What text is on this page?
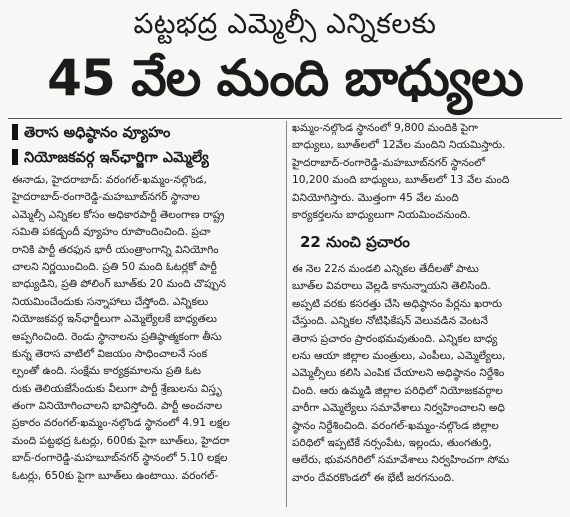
పట్టభద్ర ఎమ్మెల్సీ ఎన్నికలకు
45 వేల మంది బాధ్యులు
తెరాస అధిష్ఠానం వ్యూహం
నియోజకవర్గ ఇన్‌ఛార్జిగా ఎమ్మెల్యే
ఈనాడు, హైదరాబాద్‌: వరంగల్‌-ఖమ్మం-నల్గొండ,
హైదరాబాద్‌-రంగారెడ్డి-మహబూబ్‌నగర్‌ స్థానాల
ఎమ్మెల్సీ ఎన్నికల కోసం అధికారపార్టీ తెలంగాణ రాష్ట్ర
సమితి పకడ్బందీ వ్యూహం రూపొందించింది. ప్రచా
రానికి పార్టీ తరఫున భారీ యంత్రాంగాన్ని వినియోగిం
చాలని నిర్ణయించింది. ప్రతి 50 మంది ఓటర్లకో పార్టీ
బాధ్యుడిని, ప్రతి పోలింగ్‌ బూత్‌కు 20 మంది చొప్పున
నియమించేందుకు సన్నాహాలు చేస్తోంది. ఎన్నికలు
నియోజకవర్గ ఇన్‌ఛార్జీలుగా ఎమ్మెల్యేలకే బాధ్యతలు
అప్పగించింది. రెండు స్థానాలను ప్రతిష్ఠాత్మకంగా తీసు
కున్న తెరాస వాటిలో విజయం సాధించాలనే సంక
ల్పంతో ఉంది. సంక్షేమ కార్యక్రమాలను ప్రతి ఓట
రుకు తెలియజేసేందుకు వీలుగా పార్టీ శ్రేణులను విస్తృ
తంగా వినియోగించాలని భావిస్తోంది. పార్టీ అంచనాల
ప్రకారం వరంగల్‌-ఖమ్మం-నల్గొండ స్థానంలో 4.91 లక్షల
మంది పట్టభద్ర ఓటర్లు, 600కు పైగా బూత్‌లు, హైదరా
బాద్‌-రంగారెడ్డి-మహబూబ్‌నగర్‌ స్థానంలో 5.10 లక్షల
ఓటర్లు, 650కు పైగా బూత్‌లు ఉంటాయి. వరంగల్‌-
ఖమ్మం-నల్గొండ స్థానంలో 9,800 మందికి పైగా
బాధ్యులు, బూత్‌లలో 12వేల మందిని నియమిస్తారు.
హైదరాబాద్‌-రంగారెడ్డి-మహబూబ్‌నగర్‌ స్థానంలో
10,200 మంది బాధ్యులు, బూత్‌లలో 13 వేల మంది
వినియోగిస్తారు. మొత్తంగా 45 వేల మంది
కార్యకర్తలను బాధ్యులుగా నియమించనుంది.
22 నుంచి ప్రచారం
ఈ నెల 22న మండలి ఎన్నికల తేదీలతో పాటు
బూత్‌ల వివరాలు వెల్లడి కానున్నాయని తెలిసింది.
అప్పటి వరకు కసరత్తు చేసి అధిష్ఠానం పేర్లను ఖరారు
చేస్తుంది. ఎన్నికల నోటిఫికేషన్‌ వెలువడిన వెంటనే
తెరాస ప్రచారం ప్రారంభమవుతుంది. ఎన్నికల బాధ్య
లను ఆయా జిల్లాల మంత్రులు, ఎంపీలు, ఎమ్మెల్యేలు,
ఎమ్మెల్సీలు కలిసి ఎంపిక చేయాలని అధిష్ఠానం నిర్దేశిం
చింది. ఆరు ఉమ్మడి జిల్లాల పరిధిలో నియోజకవర్గాల
వారీగా ఎమ్మెల్యేలు సమావేశాలు నిర్వహించాలని అధి
ష్ఠానం నిర్దేశించింది. వరంగల్‌-ఖమ్మం-నల్గొండ జిల్లాల
పరిధిలో ఇప్పటికే నర్సంపేట, ఇల్లందు, తుంగతుర్తి,
ఆలేరు, భువనగిరిలో సమావేశాలు నిర్వహించగా సోమ
వారం దేవరకొండలో ఈ భేటీ జరగనుంది.
